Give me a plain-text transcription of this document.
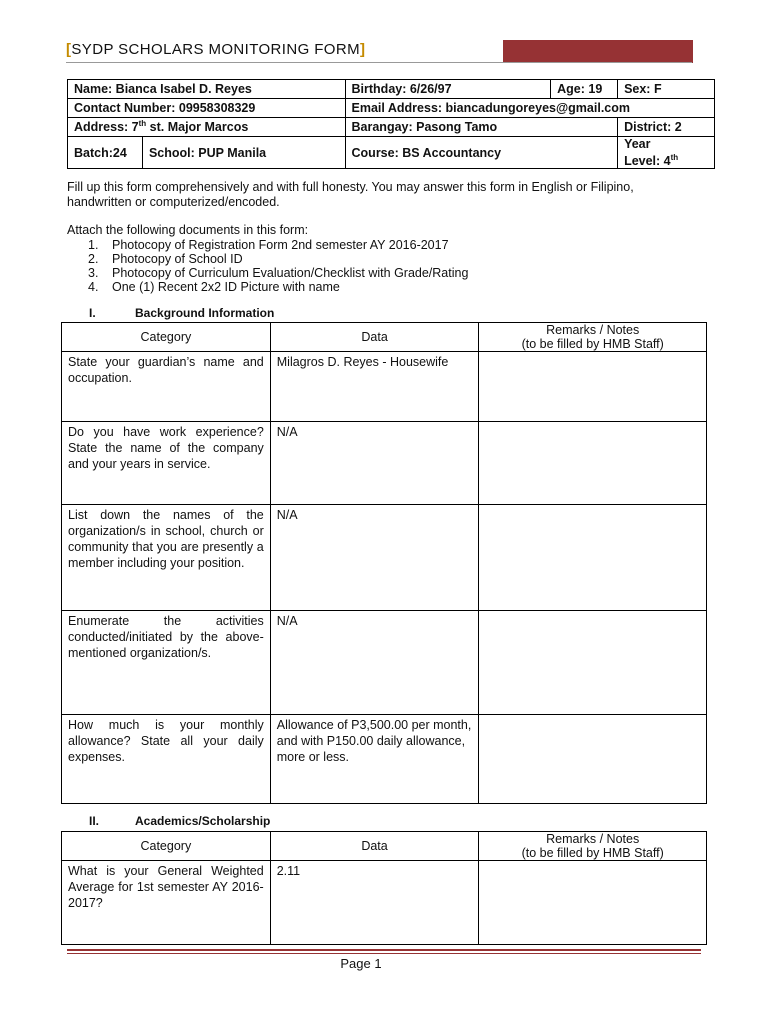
[SYDP SCHOLARS MONITORING FORM]
Name: Bianca Isabel D. Reyes		Birthday: 6/26/97	Age: 19	Sex: F
Contact Number: 09958308329		Email Address: biancadungoreyes@gmail.com		
Address: 7th st. Major Marcos		Barangay: Pasong Tamo		District: 2
Batch:24	School: PUP Manila	Course: BS Accountancy		Year
Level: 4th
Fill up this form comprehensively and with full honesty. You may answer this form in English or Filipino,
handwritten or computerized/encoded.
Attach the following documents in this form:
1.	Photocopy of Registration Form 2nd semester AY 2016-2017
2.	Photocopy of School ID
3.	Photocopy of Curriculum Evaluation/Checklist with Grade/Rating
4.	One (1) Recent 2x2 ID Picture with name
I.	Background Information
Category	Data	Remarks / Notes
(to be filled by HMB Staff)

State your guardian’s name and occupation.	Milagros D. Reyes - Housewife	
Do you have work experience? State the name of the company and your years in service.	N/A	
List down the names of the organization/s in school, church or community that you are presently a member including your position.	N/A	
Enumerate the activities conducted/initiated by the above-mentioned organization/s.	N/A	
How much is your monthly allowance? State all your daily expenses.	Allowance of P3,500.00 per month, and with P150.00 daily allowance, more or less.	
II.	Academics/Scholarship
Category	Data	Remarks / Notes
(to be filled by HMB Staff)

What is your General Weighted Average for 1st semester AY 2016-2017?	2.11	
Page 1
